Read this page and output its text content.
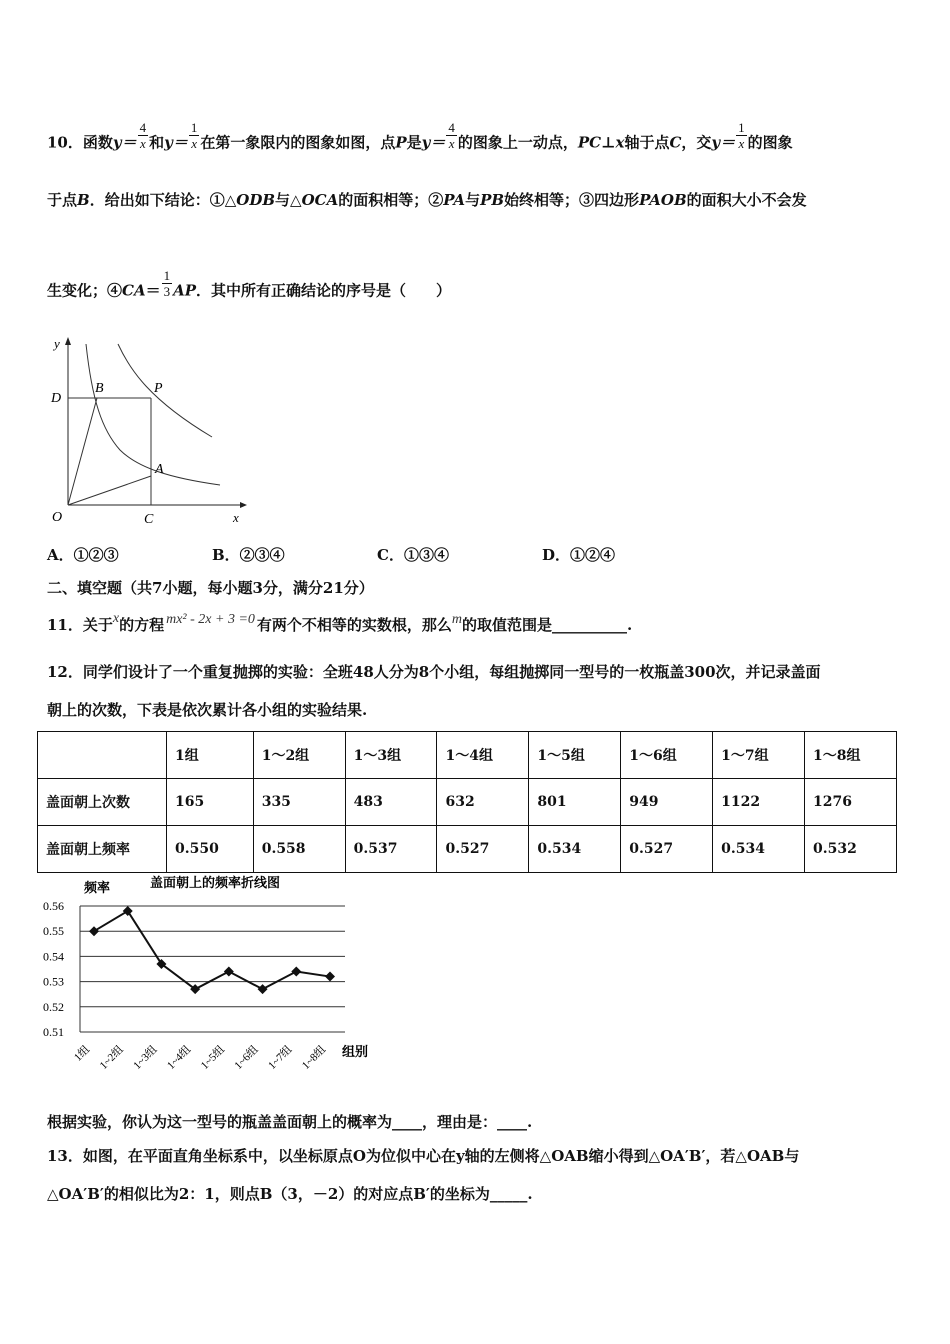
10．函数$y= \frac{4}{x}$ 和$y= \frac{1}{x}$ 在第一象限内的图象如图，点P是$y= \frac{4}{x}$ 的图象上一动点，PC⊥x轴于点C，交$y= \frac{1}{x}$ 的图象
于点B．给出如下结论：①△ODB与△OCA的面积相等；②PA与PB始终相等；③四边形PAOB的面积大小不会发
生变化；④CA＝ $\frac{1}{3}$ AP．其中所有正确结论的序号是（　　）
y
x
D
B	P
A
O	C
A．①②③	B．②③④	C．①③④	D．①②④
二、填空题（共7小题，每小题3分，满分21分）
11．关于x的方程 mx² - 2x + 3 =0 有两个不相等的实数根，那么m的取值范围是__________.
12．同学们设计了一个重复抛掷的实验：全班48人分为8个小组，每组抛掷同一型号的一枚瓶盖300次，并记录盖面
朝上的次数，下表是依次累计各小组的实验结果.
	1组	1～2组	1～3组	1～4组	1～5组	1～6组	1～7组	1～8组
盖面朝上次数	165	335	483	632	801	949	1122	1276
盖面朝上频率	0.550	0.558	0.537	0.527	0.534	0.527	0.534	0.532
盖面朝上的频率折线图
频率
组别
0.56
0.55
0.54
0.53
0.52
0.51
1组 1~2组 1~3组 1~4组 1~5组 1~6组 1~7组 1~8组
根据实验，你认为这一型号的瓶盖盖面朝上的概率为____，理由是：____.
13．如图，在平面直角坐标系中，以坐标原点O为位似中心在y轴的左侧将△OAB缩小得到△OA′B′，若△OAB与
△OA′B′的相似比为2：1，则点B（3，－2）的对应点B′的坐标为_____.
